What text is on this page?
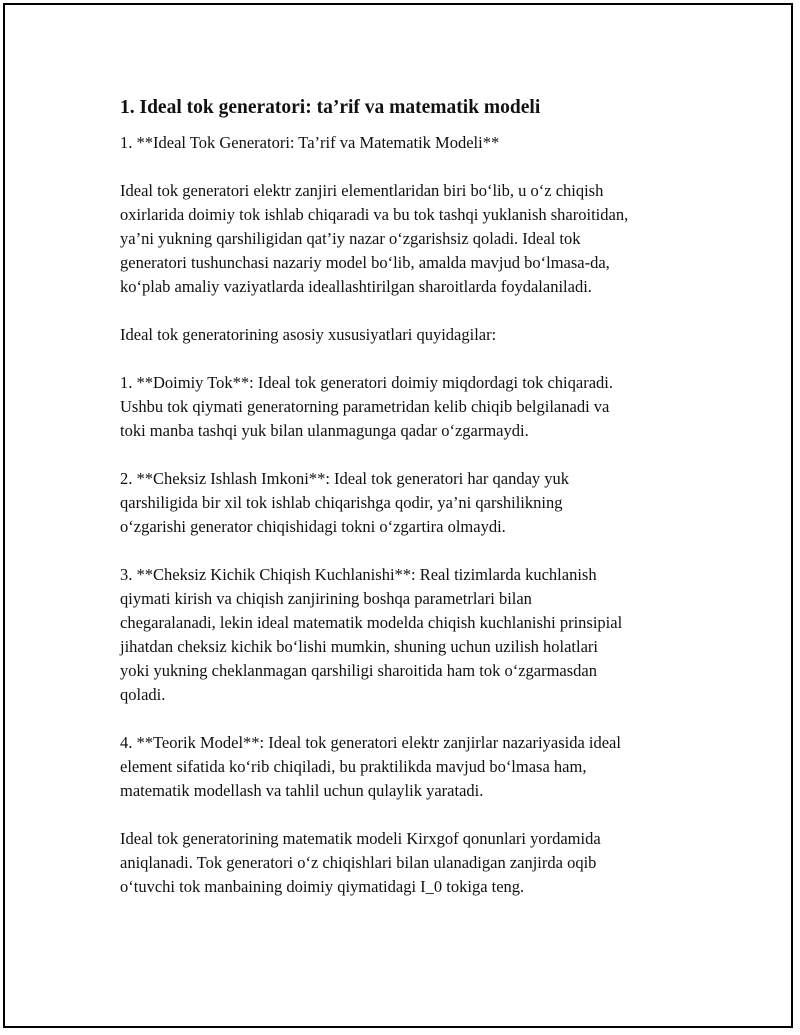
1. Ideal tok generatori: ta’rif va matematik modeli

1. **Ideal Tok Generatori: Ta’rif va Matematik Modeli**

Ideal tok generatori elektr zanjiri elementlaridan biri bo‘lib, u o‘z chiqish
oxirlarida doimiy tok ishlab chiqaradi va bu tok tashqi yuklanish sharoitidan,
ya’ni yukning qarshiligidan qat’iy nazar o‘zgarishsiz qoladi. Ideal tok
generatori tushunchasi nazariy model bo‘lib, amalda mavjud bo‘lmasa-da,
ko‘plab amaliy vaziyatlarda ideallashtirilgan sharoitlarda foydalaniladi.

Ideal tok generatorining asosiy xususiyatlari quyidagilar:

1. **Doimiy Tok**: Ideal tok generatori doimiy miqdordagi tok chiqaradi.
Ushbu tok qiymati generatorning parametridan kelib chiqib belgilanadi va
toki manba tashqi yuk bilan ulanmagunga qadar o‘zgarmaydi.

2. **Cheksiz Ishlash Imkoni**: Ideal tok generatori har qanday yuk
qarshiligida bir xil tok ishlab chiqarishga qodir, ya’ni qarshilikning
o‘zgarishi generator chiqishidagi tokni o‘zgartira olmaydi.

3. **Cheksiz Kichik Chiqish Kuchlanishi**: Real tizimlarda kuchlanish
qiymati kirish va chiqish zanjirining boshqa parametrlari bilan
chegaralanadi, lekin ideal matematik modelda chiqish kuchlanishi prinsipial
jihatdan cheksiz kichik bo‘lishi mumkin, shuning uchun uzilish holatlari
yoki yukning cheklanmagan qarshiligi sharoitida ham tok o‘zgarmasdan
qoladi.

4. **Teorik Model**: Ideal tok generatori elektr zanjirlar nazariyasida ideal
element sifatida ko‘rib chiqiladi, bu praktilikda mavjud bo‘lmasa ham,
matematik modellash va tahlil uchun qulaylik yaratadi.

Ideal tok generatorining matematik modeli Kirxgof qonunlari yordamida
aniqlanadi. Tok generatori o‘z chiqishlari bilan ulanadigan zanjirda oqib
o‘tuvchi tok manbaining doimiy qiymatidagi I_0 tokiga teng.
